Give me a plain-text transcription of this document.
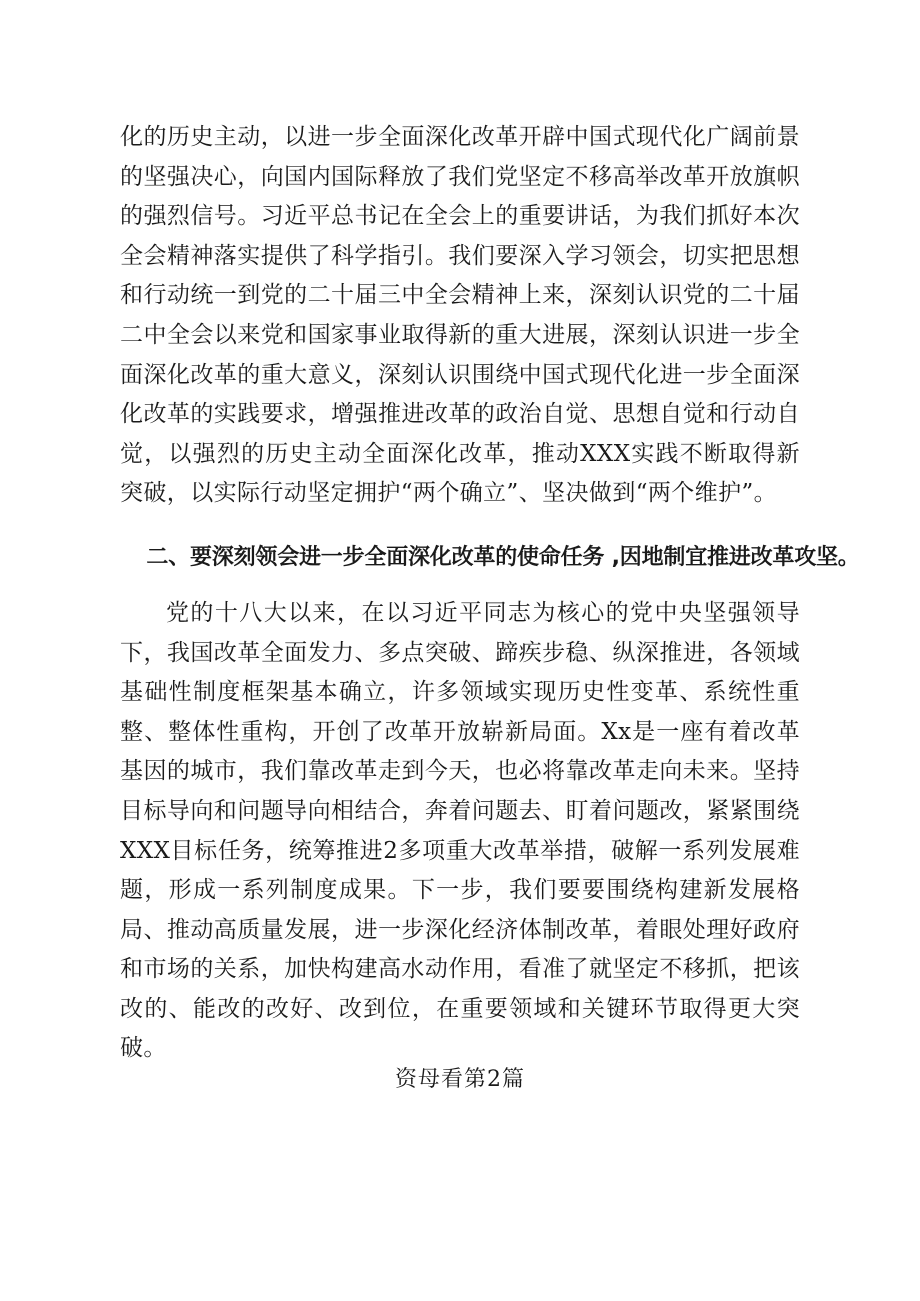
化的历史主动，以进一步全面深化改革开辟中国式现代化广阔前景的坚强决心，向国内国际释放了我们党坚定不移高举改革开放旗帜的强烈信号。习近平总书记在全会上的重要讲话，为我们抓好本次全会精神落实提供了科学指引。我们要深入学习领会，切实把思想和行动统一到党的二十届三中全会精神上来，深刻认识党的二十届二中全会以来党和国家事业取得新的重大进展，深刻认识进一步全面深化改革的重大意义，深刻认识围绕中国式现代化进一步全面深化改革的实践要求，增强推进改革的政治自觉、思想自觉和行动自觉，以强烈的历史主动全面深化改革，推动XXX实践不断取得新突破，以实际行动坚定拥护“两个确立”、坚决做到“两个维护”。

二、要深刻领会进一步全面深化改革的使命任务 ,因地制宜推进改革攻坚。

党的十八大以来，在以习近平同志为核心的党中央坚强领导下，我国改革全面发力、多点突破、蹄疾步稳、纵深推进，各领域基础性制度框架基本确立，许多领域实现历史性变革、系统性重整、整体性重构，开创了改革开放崭新局面。Xx是一座有着改革基因的城市，我们靠改革走到今天，也必将靠改革走向未来。坚持目标导向和问题导向相结合，奔着问题去、盯着问题改，紧紧围绕XXX目标任务，统筹推进2多项重大改革举措，破解一系列发展难题，形成一系列制度成果。下一步，我们要要围绕构建新发展格局、推动高质量发展，进一步深化经济体制改革，着眼处理好政府和市场的关系，加快构建高水动作用，看准了就坚定不移抓，把该改的、能改的改好、改到位，在重要领域和关键环节取得更大突破。

资母看第2篇
